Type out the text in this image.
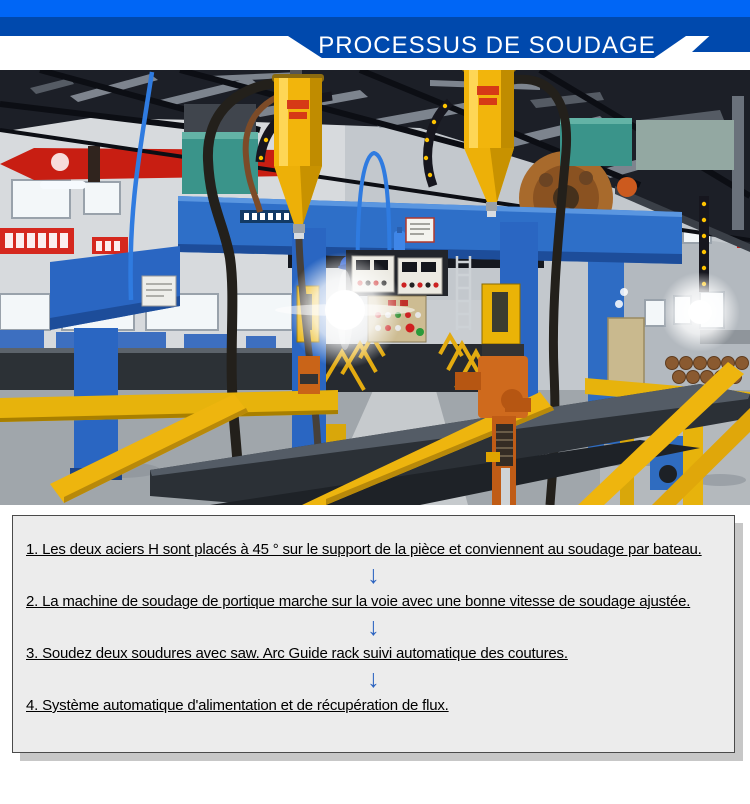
PROCESSUS DE SOUDAGE
1. Les deux aciers H sont placés à 45 ° sur le support de la pièce et conviennent au soudage par bateau.
↓
2. La machine de soudage de portique marche sur la voie avec une bonne vitesse de soudage ajustée.
↓
3. Soudez deux soudures avec saw. Arc Guide rack suivi automatique des coutures.
↓
4. Système automatique d'alimentation et de récupération de flux.
